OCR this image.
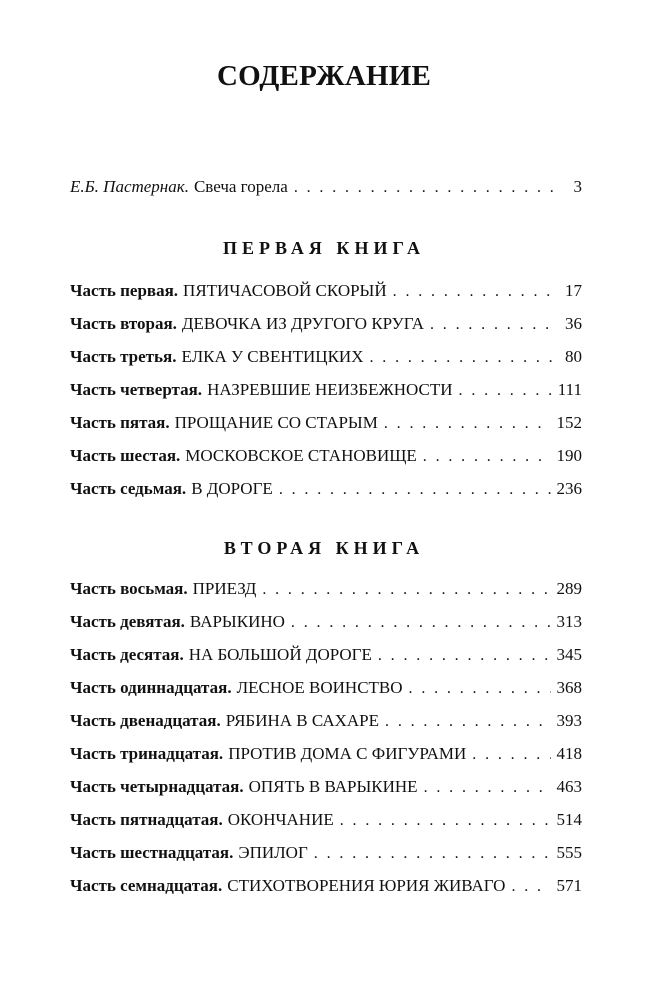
СОДЕРЖАНИЕ
Е.Б. Пастернак. Свеча горела . . .	3
ПЕРВАЯ КНИГА
Часть первая. ПЯТИЧАСОВОЙ СКОРЫЙ . . .	17
Часть вторая. ДЕВОЧКА ИЗ ДРУГОГО КРУГА . . .	36
Часть третья. ЕЛКА У СВЕНТИЦКИХ . . .	80
Часть четвертая. НАЗРЕВШИЕ НЕИЗБЕЖНОСТИ . . .	111
Часть пятая. ПРОЩАНИЕ СО СТАРЫМ . . .	152
Часть шестая. МОСКОВСКОЕ СТАНОВИЩЕ . . .	190
Часть седьмая. В ДОРОГЕ . . .	236
ВТОРАЯ КНИГА
Часть восьмая. ПРИЕЗД . . .	289
Часть девятая. ВАРЫКИНО . . .	313
Часть десятая. НА БОЛЬШОЙ ДОРОГЕ . . .	345
Часть одиннадцатая. ЛЕСНОЕ ВОИНСТВО . . .	368
Часть двенадцатая. РЯБИНА В САХАРЕ . . .	393
Часть тринадцатая. ПРОТИВ ДОМА С ФИГУРАМИ . . .	418
Часть четырнадцатая. ОПЯТЬ В ВАРЫКИНЕ . . .	463
Часть пятнадцатая. ОКОНЧАНИЕ . . .	514
Часть шестнадцатая. ЭПИЛОГ . . .	555
Часть семнадцатая. СТИХОТВОРЕНИЯ ЮРИЯ ЖИВАГО . . .	571
